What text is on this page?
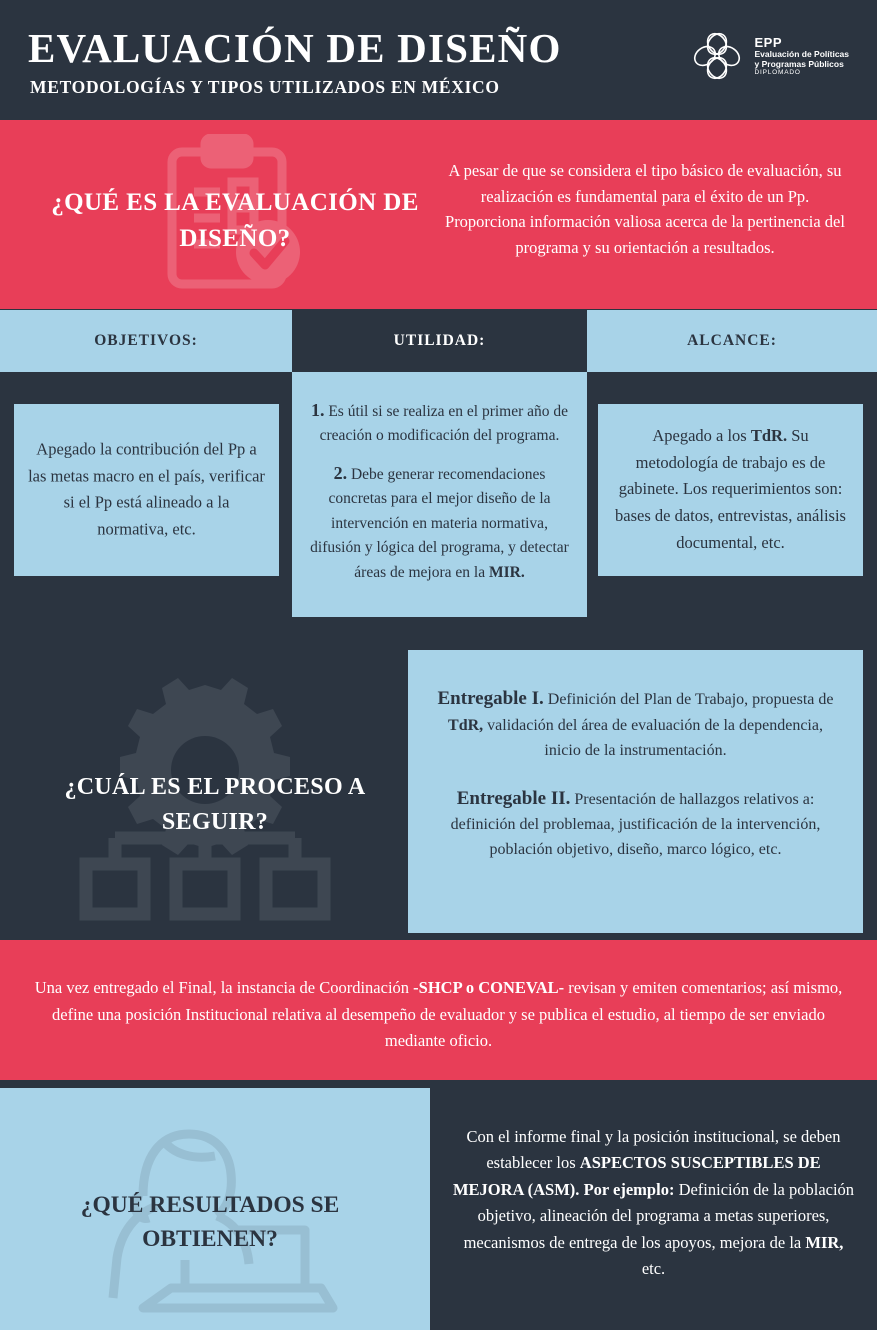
EVALUACIÓN DE DISEÑO
METODOLOGÍAS Y TIPOS UTILIZADOS EN MÉXICO
EPP
Evaluación de Políticas
y Programas Públicos
DIPLOMADO
¿QUÉ ES LA EVALUACIÓN DE DISEÑO?
A pesar de que se considera el tipo básico de evaluación, su realización es fundamental para el éxito de un Pp. Proporciona información valiosa acerca de la pertinencia del programa y su orientación a resultados.
OBJETIVOS:	UTILIDAD:	ALCANCE:
Apegado la contribución del Pp a las metas macro en el país, verificar si el Pp está alineado a la normativa, etc.
1. Es útil si se realiza en el primer año de creación o modificación del programa.
2. Debe generar recomendaciones concretas para el mejor diseño de la intervención en materia normativa, difusión y lógica del programa, y detectar áreas de mejora en la MIR.
Apegado a los TdR. Su metodología de trabajo es de gabinete. Los requerimientos son: bases de datos, entrevistas, análisis documental, etc.
¿CUÁL ES EL PROCESO A SEGUIR?
Entregable I. Definición del Plan de Trabajo, propuesta de TdR, validación del área de evaluación de la dependencia, inicio de la instrumentación.
Entregable II. Presentación de hallazgos relativos a: definición del problemaa, justificación de la intervención, población objetivo, diseño, marco lógico, etc.
Una vez entregado el Final, la instancia de Coordinación -SHCP o CONEVAL- revisan y emiten comentarios; así mismo, define una posición Institucional relativa al desempeño de evaluador y se publica el estudio, al tiempo de ser enviado mediante oficio.
¿QUÉ RESULTADOS SE OBTIENEN?
Con el informe final y la posición institucional, se deben establecer los ASPECTOS SUSCEPTIBLES DE MEJORA (ASM). Por ejemplo: Definición de la población objetivo, alineación del programa a metas superiores, mecanismos de entrega de los apoyos, mejora de la MIR, etc.
